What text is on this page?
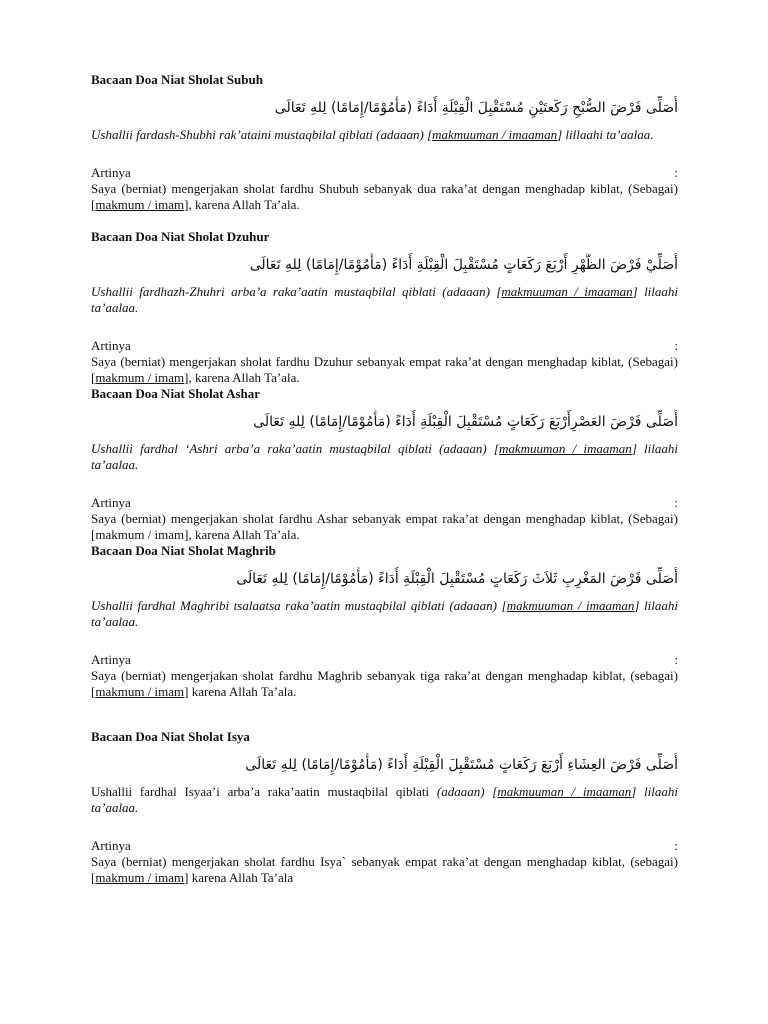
Bacaan Doa Niat Sholat Subuh
أُصَلِّى فَرْضَ الصُّبْحِ رَكَعتَيْنِ مُسْتَقْبِلَ الْقِبْلَةِ أَدَاءً (مَأْمُوْمًا/إِمَامًا) لِلهِ تَعَالَى
Ushallii fardash-Shubhi rak’ataini mustaqbilal qiblati (adaaan) [makmuuman / imaaman] lillaahi ta’aalaa.
Artinya	:
Saya (berniat) mengerjakan sholat fardhu Shubuh sebanyak dua raka’at dengan menghadap kiblat, (Sebagai) [makmum / imam], karena Allah Ta’ala.
Bacaan Doa Niat Sholat Dzuhur
أُصَلِّيْ فَرْضَ الظُّهْرِ أَرْبَعَ رَكَعَاتٍ مُسْتَقْبِلَ الْقِبْلَةِ أَدَاءً (مَأْمُوْمًا/إِمَامًا) لِلهِ تَعَالَى
Ushallii fardhazh-Zhuhri arba’a raka’aatin mustaqbilal qiblati (adaaan) [makmuuman / imaaman] lilaahi ta’aalaa.
Artinya	:
Saya (berniat) mengerjakan sholat fardhu Dzuhur sebanyak empat raka’at dengan menghadap kiblat, (Sebagai) [makmum / imam], karena Allah Ta’ala.
Bacaan Doa Niat Sholat Ashar
أُصَلِّى فَرْضَ العَصْرِأَرْبَعَ رَكَعَاتٍ مُسْتَقْبِلَ الْقِبْلَةِ أَدَاءً (مَأْمُوْمًا/إِمَامًا) لِلهِ تَعَالَى
Ushallii fardhal ‘Ashri arba’a raka’aatin mustaqbilal qiblati (adaaan) [makmuuman / imaaman] lilaahi ta’aalaa.
Artinya	:
Saya (berniat) mengerjakan sholat fardhu Ashar sebanyak empat raka’at dengan menghadap kiblat, (Sebagai) [makmum / imam], karena Allah Ta’ala.
Bacaan Doa Niat Sholat Maghrib
أُصَلِّى فَرْضَ المَغْرِبِ ثَلاَثَ رَكَعَاتٍ مُسْتَقْبِلَ الْقِبْلَةِ أَدَاءً (مَأْمُوْمًا/إِمَامًا) لِلهِ تَعَالَى
Ushallii fardhal Maghribi tsalaatsa raka’aatin mustaqbilal qiblati (adaaan) [makmuuman / imaaman] lilaahi ta’aalaa.
Artinya	:
Saya (berniat) mengerjakan sholat fardhu Maghrib sebanyak tiga raka’at dengan menghadap kiblat, (sebagai) [makmum / imam] karena Allah Ta’ala.
Bacaan Doa Niat Sholat Isya
أُصَلِّى فَرْضَ العِشَاءِ أَرْبَعَ رَكَعَاتٍ مُسْتَقْبِلَ الْقِبْلَةِ أَدَاءً (مَأْمُوْمًا/إِمَامًا) لِلهِ تَعَالَى
Ushallii fardhal Isyaa’i arba’a raka’aatin mustaqbilal qiblati (adaaan) [makmuuman / imaaman] lilaahi ta’aalaa.
Artinya	:
Saya (berniat) mengerjakan sholat fardhu Isya` sebanyak empat raka’at dengan menghadap kiblat, (sebagai) [makmum / imam] karena Allah Ta’ala
